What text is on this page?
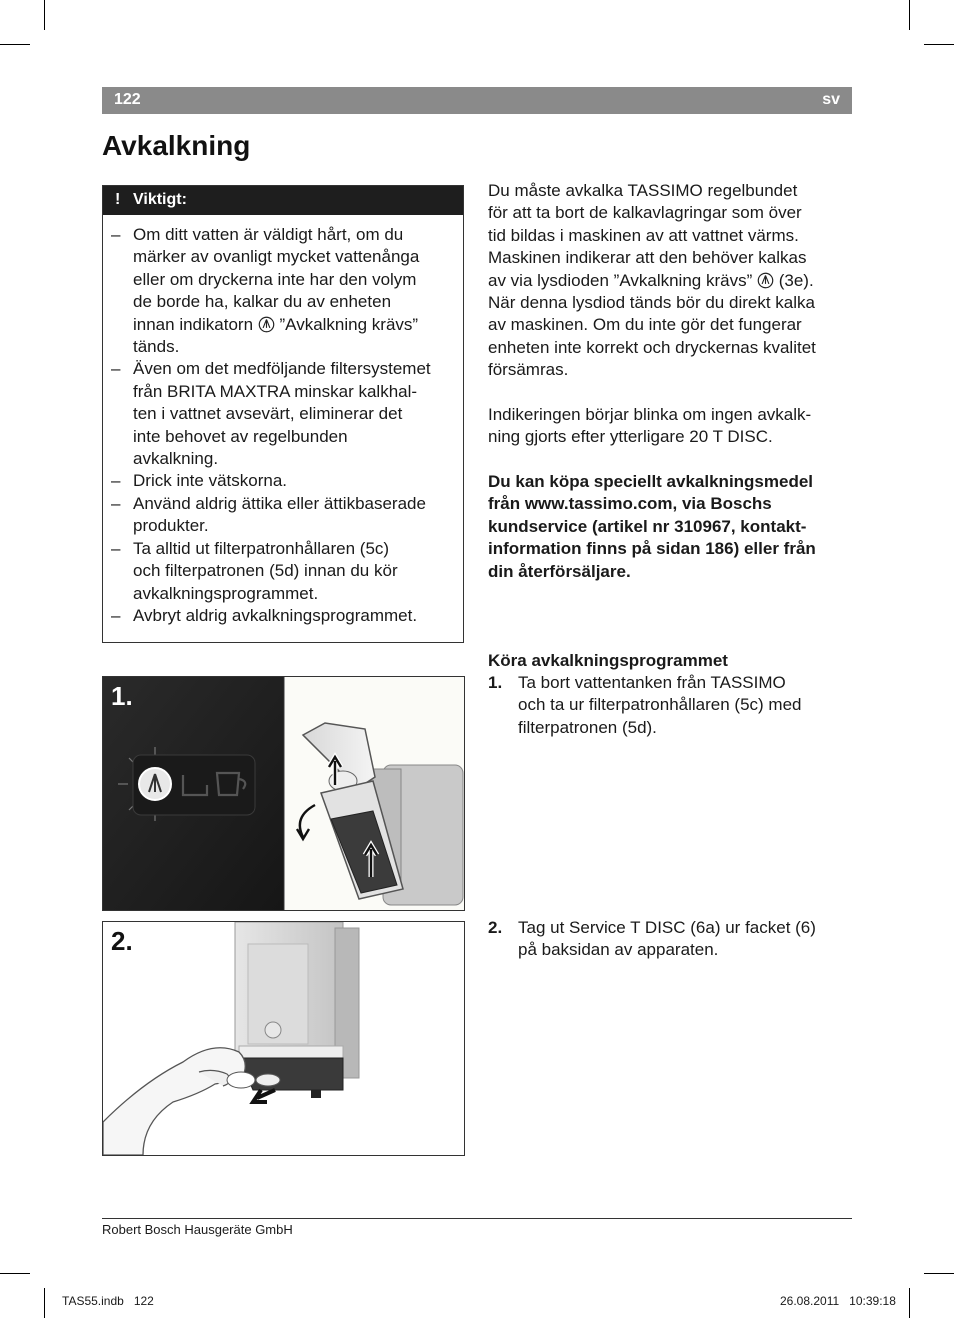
122	sv
Avkalkning
! Viktigt:
– Om ditt vatten är väldigt hårt, om du
märker av ovanligt mycket vattenånga
eller om dryckerna inte har den volym
de borde ha, kalkar du av enheten
innan indikatorn ”Avkalkning krävs”
tänds.
– Även om det medföljande filtersystemet
från BRITA MAXTRA minskar kalkhal-
ten i vattnet avsevärt, eliminerar det
inte behovet av regelbunden
avkalkning.
– Drick inte vätskorna.
– Använd aldrig ättika eller ättikbaserade
produkter.
– Ta alltid ut filterpatronhållaren (5c)
och filterpatronen (5d) innan du kör
avkalkningsprogrammet.
– Avbryt aldrig avkalkningsprogrammet.
Du måste avkalka TASSIMO regelbundet
för att ta bort de kalkavlagringar som över
tid bildas i maskinen av att vattnet värms.
Maskinen indikerar att den behöver kalkas
av via lysdioden ”Avkalkning krävs” (3e).
När denna lysdiod tänds bör du direkt kalka
av maskinen. Om du inte gör det fungerar
enheten inte korrekt och dryckernas kvalitet
försämras.
Indikeringen börjar blinka om ingen avkalk-
ning gjorts efter ytterligare 20 T DISC.
Du kan köpa speciellt avkalkningsmedel
från www.tassimo.com, via Boschs
kundservice (artikel nr 310967, kontakt-
information finns på sidan 186) eller från
din återförsäljare.
Köra avkalkningsprogrammet
1. Ta bort vattentanken från TASSIMO
och ta ur filterpatronhållaren (5c) med
filterpatronen (5d).
2. Tag ut Service T DISC (6a) ur facket (6)
på baksidan av apparaten.
1.
2.
Robert Bosch Hausgeräte GmbH
TAS55.indb   122	26.08.2011   10:39:18
